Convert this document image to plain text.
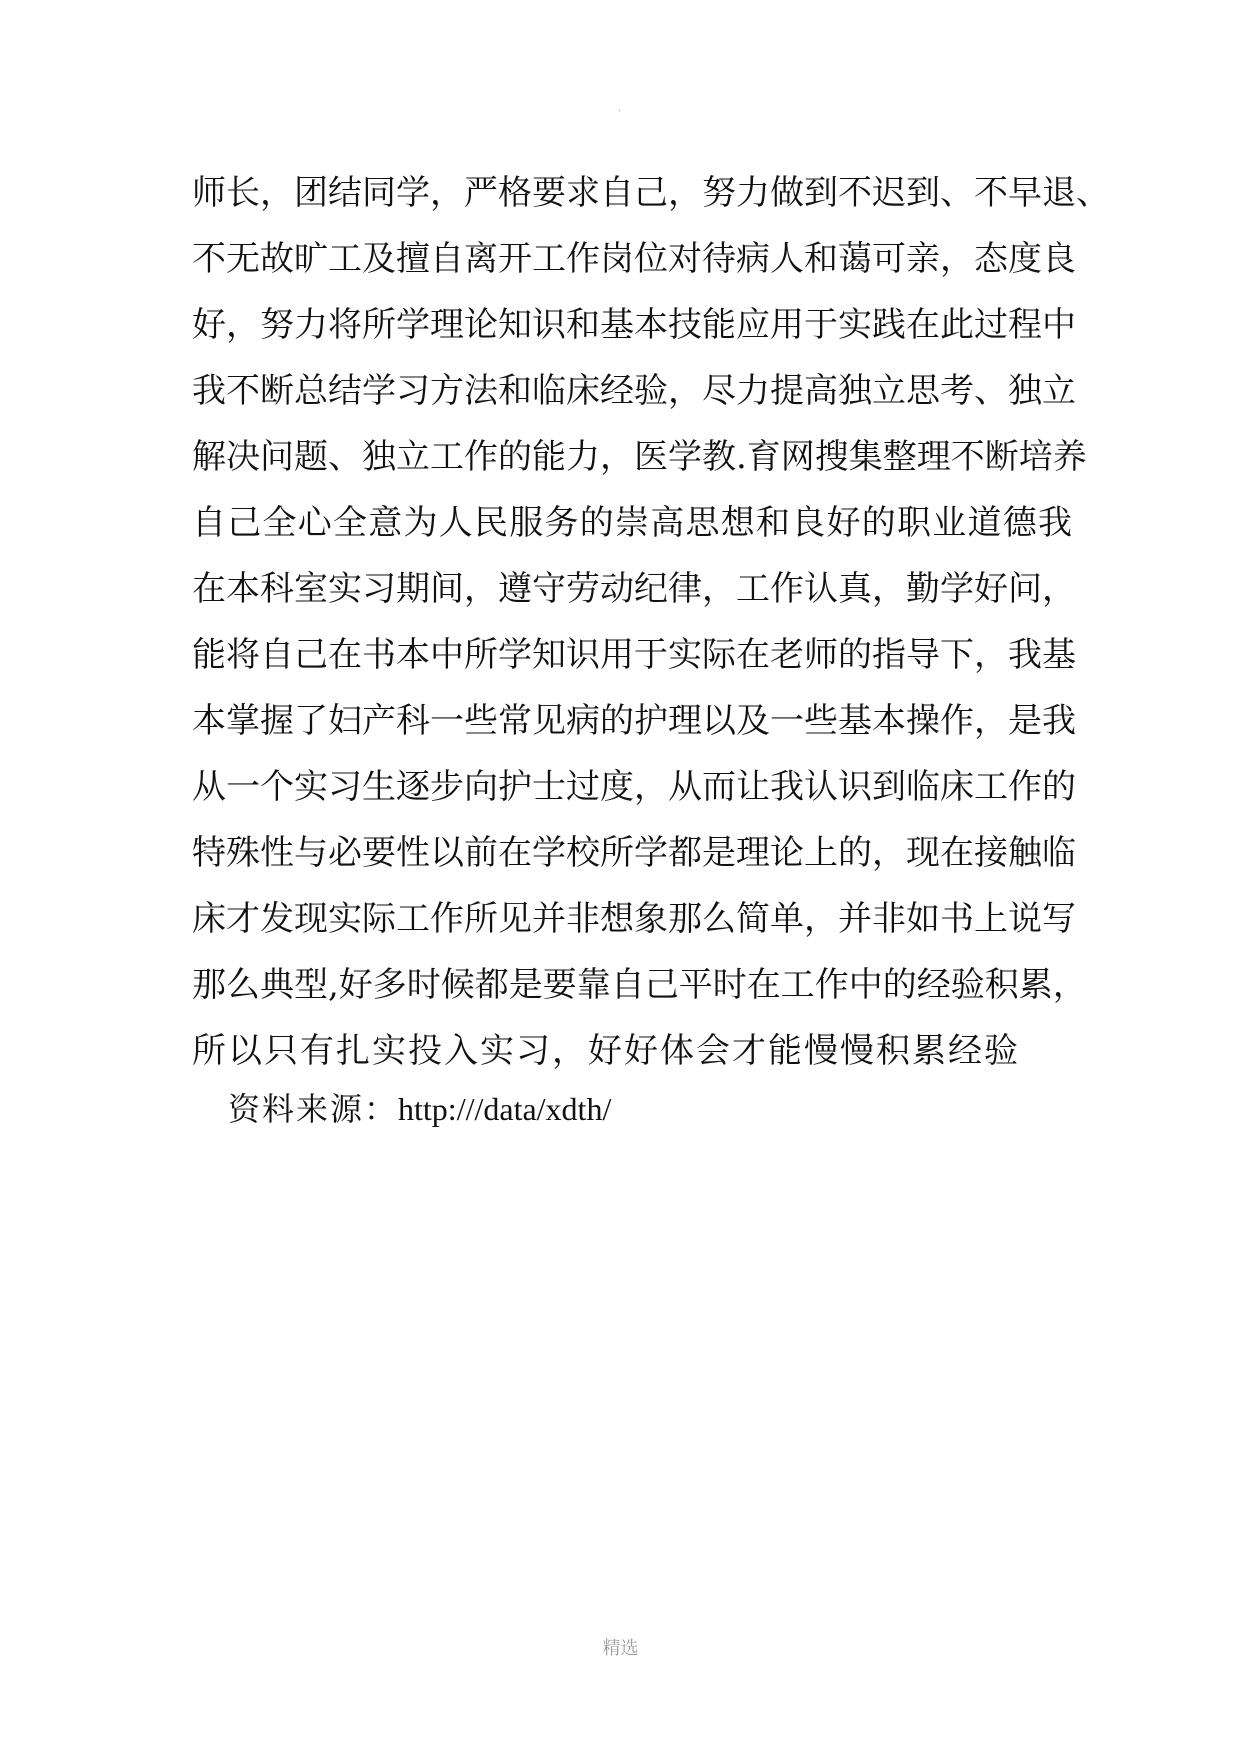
.
师长，团结同学，严格要求自己，努力做到不迟到、不早退、
不无故旷工及擅自离开工作岗位对待病人和蔼可亲，态度良
好，努力将所学理论知识和基本技能应用于实践在此过程中
我不断总结学习方法和临床经验，尽力提高独立思考、独立
解决问题、独立工作的能力，医学教.育网搜集整理不断培养
自己全心全意为人民服务的崇高思想和良好的职业道德我
在本科室实习期间，遵守劳动纪律，工作认真，勤学好问，
能将自己在书本中所学知识用于实际在老师的指导下，我基
本掌握了妇产科一些常见病的护理以及一些基本操作，是我
从一个实习生逐步向护士过度，从而让我认识到临床工作的
特殊性与必要性以前在学校所学都是理论上的，现在接触临
床才发现实际工作所见并非想象那么简单，并非如书上说写
那么典型,好多时候都是要靠自己平时在工作中的经验积累，
所以只有扎实投入实习，好好体会才能慢慢积累经验
资料来源：http:///data/xdth/
精选
